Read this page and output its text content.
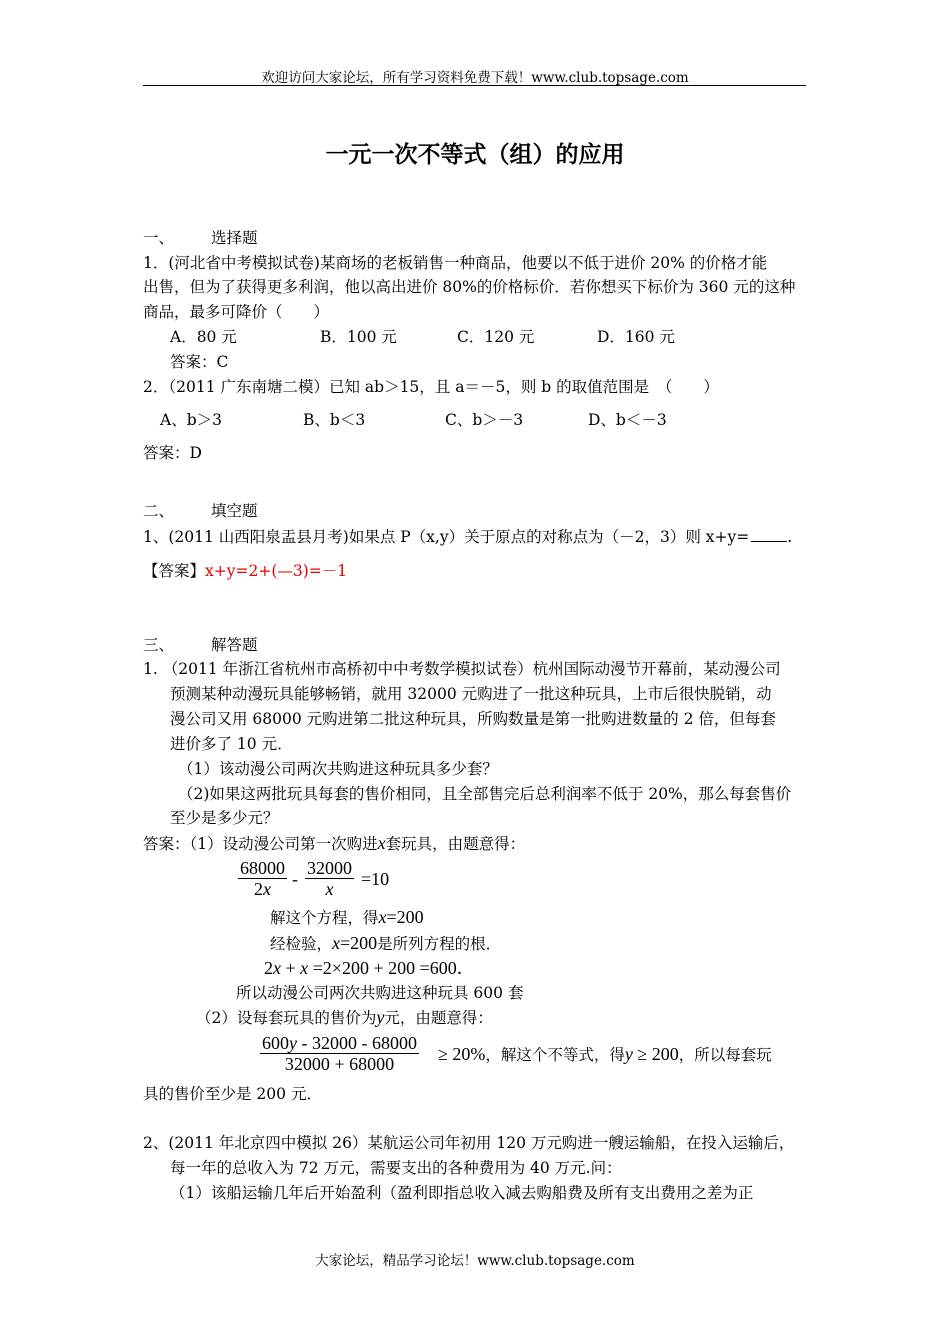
欢迎访问大家论坛，所有学习资料免费下载！www.club.topsage.com
一元一次不等式（组）的应用
一、 选择题
1．(河北省中考模拟试卷)某商场的老板销售一种商品，他要以不低于进价 20% 的价格才能
出售，但为了获得更多利润，他以高出进价 80%的价格标价．若你想买下标价为 360 元的这种
商品，最多可降价（　　）
A．80 元	B．100 元	C．120 元	D．160 元
答案：C
2．（2011 广东南塘二模）已知 ab＞15，且 a＝－5，则 b 的取值范围是　（　　）
A、b＞3	B、b＜3	C、b＞－3	D、b＜－3
答案：D
二、 填空题
1、(2011 山西阳泉盂县月考)如果点 P（x,y）关于原点的对称点为（－2，3）则 x+y= .
【答案】x+y=2+(—3)=－1
三、 解答题
1. （2011 年浙江省杭州市高桥初中中考数学模拟试卷）杭州国际动漫节开幕前，某动漫公司
预测某种动漫玩具能够畅销，就用 32000 元购进了一批这种玩具，上市后很快脱销，动
漫公司又用 68000 元购进第二批这种玩具，所购数量是第一批购进数量的 2 倍，但每套
进价多了 10 元．
（1）该动漫公司两次共购进这种玩具多少套？
（2)如果这两批玩具每套的售价相同，且全部售完后总利润率不低于 20%，那么每套售价
至少是多少元？
答案：（1）设动漫公司第一次购进x套玩具，由题意得：
$\frac{68000}{2x} - \frac{32000}{x} =10$
解这个方程，得x=200
经检验，x=200是所列方程的根．
2x + x =2×200 + 200 =600．
所以动漫公司两次共购进这种玩具 600 套
（2）设每套玩具的售价为y元，由题意得：
$\frac{600y - 32000 - 68000}{32000 + 68000} \ge 20\%$，解这个不等式，得y ≥ 200，所以每套玩
具的售价至少是 200 元．
2、(2011 年北京四中模拟 26）某航运公司年初用 120 万元购进一艘运输船，在投入运输后，
每一年的总收入为 72 万元，需要支出的各种费用为 40 万元.问：
（1）该船运输几年后开始盈利（盈利即指总收入减去购船费及所有支出费用之差为正
大家论坛，精品学习论坛！www.club.topsage.com
